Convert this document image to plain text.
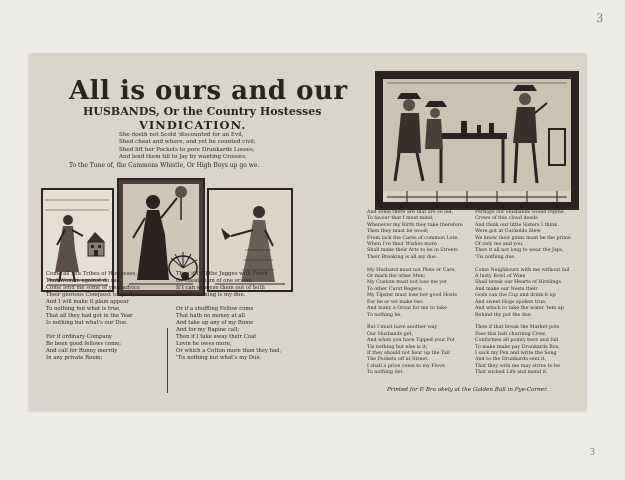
3
All is ours and our
HUSBANDS, Or the Country Hostesses
VINDICATION.
She doeth not Scold 'discounted for an Evil,
Shed cheat and whore, and yet be counted civil;
Shed lift her Pockets to pore Drunkards Losses,
And lend them till to Jay by wanting Crosses,
To the Tune of, the Cammons Whistle, Or High Boys up go we.
Come all you Tribes of Hostesses,
That Women against do rail,
Come lend me some of your advice
Their glorious Conquest to quell;
And I will make it plain appear
To nothing but what is true,
That all they had got in the Year
Is nothing but what's our Due.

For if ordinary Company
Be been good fellows come;
And call for Runny merrily
In any private Room;
Then if I fill the Jugges with Froth
Or cheat them of one or two
If I can squeeze them out of both
The Reckoning is my due.

Or if a shuffling Fellow come
That hath no money at all
And take up any of my Rome
And for my Rapine call;
Then if I take away their Coat
Lovin he owes more,
Or which a Cotton more than they had,
'Tis nothing but what's my Due.
And some there are that are so led,
To favour that I must mind,
Whenever my Birth they take therefore
Then they must be wood;
From lack the Cares of common Lote,
When I're their Wishes more
Shall make their Arts to be in Streets
Their Breaking is all my due.

My Husband must not Plots or Care,
Or mark the other Men;
My Custom must not lose me yet
To other Curst Rogers;
My Tipster must lose her good Hosts
For he or we make two
And many a Groat for me to take
To nothing be.

But I must have another way
Our Husbands get,
And when you have Tipped your Pot
Tis nothing but else is it;
If they should not hear up the Tail
The Pockets off at Street,
I shall a price come to my Flove
To nothing Set.
Perhaps our Husbands would repine,
Crows of this cloud deeds
And think our little Sisters I think
Were got at Cuckolds Stew
We know their gains must be the prime
Of only me and you,
Then it all not long to wear the Japs,
'Tis nothing due.

Come Neighbours with me without fail
A lusty Bowl of Wine
Shall break our Hearts of Hirelings
And make our Nests their
Gods can the Cup and drink it up
And sweet Hogs spoken true,
And which to take the water 'tem up
Behind thy pot the due.

Then if that break the Market pots
Pass this halt churning Crew,
Conformes all pointy here and full
To make make pay Drunkards Box,
I sack my Pen and write the Song
And to the Drunkards sent it,
That they with me may strive to be
That wicked Life and mend it.
Printed for P. Bro okely at the Golden Ball in Pye-Corner.
3
